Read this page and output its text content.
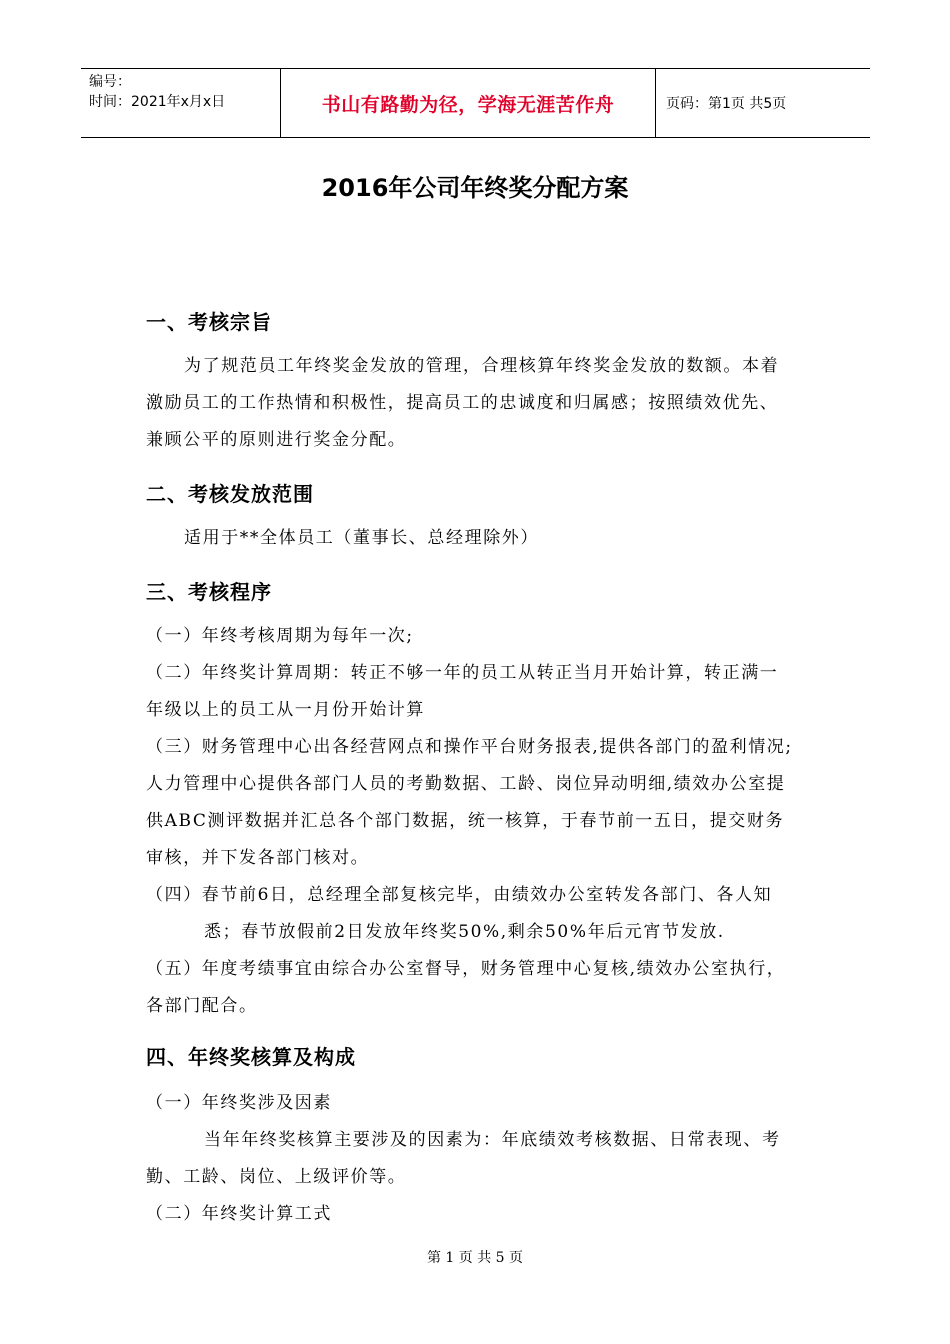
编号：
时间：2021年x月x日	书山有路勤为径，学海无涯苦作舟	页码：第1页 共5页
2016年公司年终奖分配方案
一、考核宗旨
为了规范员工年终奖金发放的管理，合理核算年终奖金发放的数额。本着
激励员工的工作热情和积极性，提高员工的忠诚度和归属感；按照绩效优先、
兼顾公平的原则进行奖金分配。
二、考核发放范围
适用于**全体员工（董事长、总经理除外）
三、考核程序
（一）年终考核周期为每年一次;
（二）年终奖计算周期：转正不够一年的员工从转正当月开始计算，转正满一
年级以上的员工从一月份开始计算
（三）财务管理中心出各经营网点和操作平台财务报表,提供各部门的盈利情况;
人力管理中心提供各部门人员的考勤数据、工龄、岗位异动明细,绩效办公室提
供ABC测评数据并汇总各个部门数据，统一核算，于春节前一五日，提交财务
审核，并下发各部门核对。
（四）春节前6日，总经理全部复核完毕，由绩效办公室转发各部门、各人知
悉；春节放假前2日发放年终奖50%,剩余50%年后元宵节发放.
（五）年度考绩事宜由综合办公室督导，财务管理中心复核,绩效办公室执行，
各部门配合。
四、年终奖核算及构成
（一）年终奖涉及因素
当年年终奖核算主要涉及的因素为：年底绩效考核数据、日常表现、考
勤、工龄、岗位、上级评价等。
（二）年终奖计算工式
第 1 页 共 5 页
